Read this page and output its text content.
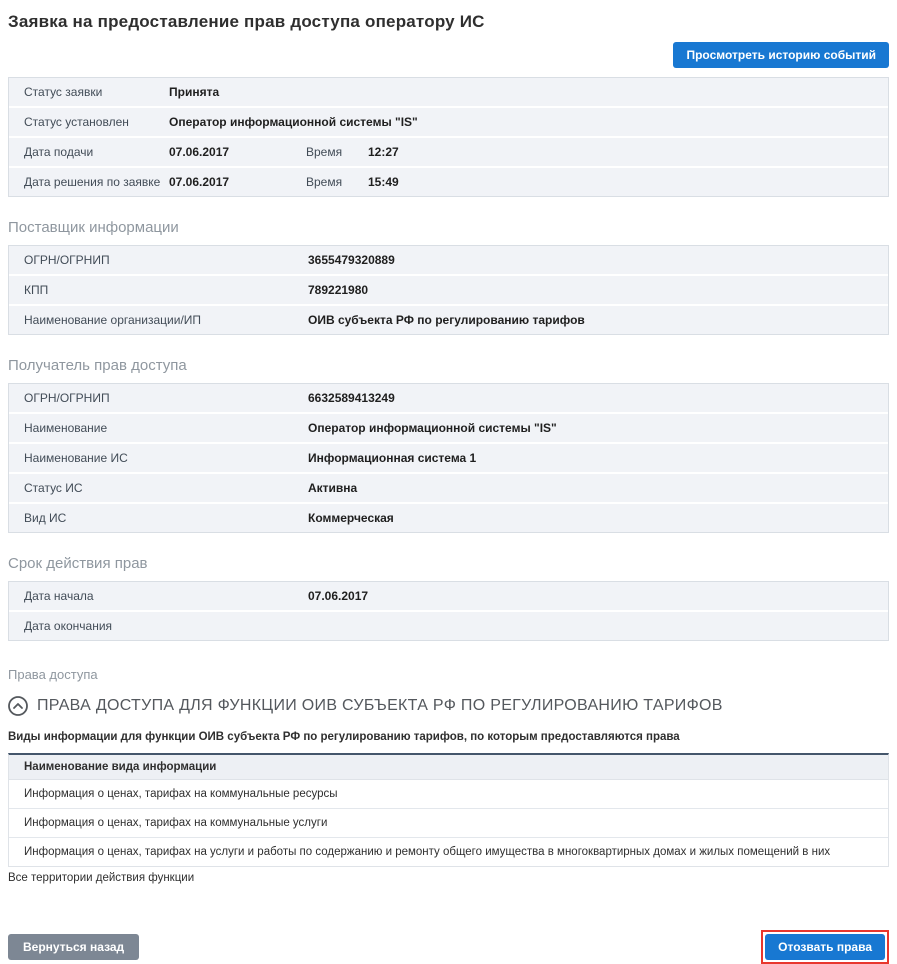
Заявка на предоставление прав доступа оператору ИС
Просмотреть историю событий
Статус заявки	Принята
Статус установлен	Оператор информационной системы "IS"
Дата подачи	07.06.2017	Время	12:27
Дата решения по заявке 07.06.2017	Время	15:49
Поставщик информации
ОГРН/ОГРНИП	3655479320889
КПП	789221980
Наименование организации/ИП	ОИВ субъекта РФ по регулированию тарифов
Получатель прав доступа
ОГРН/ОГРНИП	6632589413249
Наименование	Оператор информационной системы "IS"
Наименование ИС	Информационная система 1
Статус ИС	Активна
Вид ИС	Коммерческая
Срок действия прав
Дата начала	07.06.2017
Дата окончания
Права доступа
ПРАВА ДОСТУПА ДЛЯ ФУНКЦИИ ОИВ СУБЪЕКТА РФ ПО РЕГУЛИРОВАНИЮ ТАРИФОВ
Виды информации для функции ОИВ субъекта РФ по регулированию тарифов, по которым предоставляются права
Наименование вида информации
Информация о ценах, тарифах на коммунальные ресурсы
Информация о ценах, тарифах на коммунальные услуги
Информация о ценах, тарифах на услуги и работы по содержанию и ремонту общего имущества в многоквартирных домах и жилых помещений в них
Все территории действия функции
Вернуться назад	Отозвать права
